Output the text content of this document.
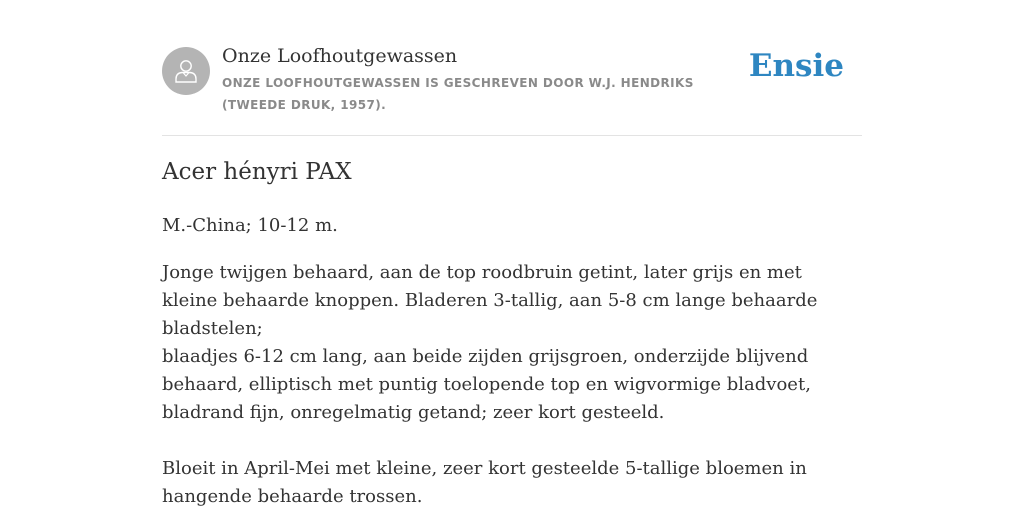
Onze Loofhoutgewassen
ONZE LOOFHOUTGEWASSEN IS GESCHREVEN DOOR W.J. HENDRIKS (TWEEDE DRUK, 1957).
Ensie
Acer hényri PAX
M.-China; 10-12 m.
Jonge twijgen behaard, aan de top roodbruin getint, later grijs en met kleine behaarde knoppen. Bladeren 3-tallig, aan 5-8 cm lange behaarde bladstelen;
blaadjes 6-12 cm lang, aan beide zijden grijsgroen, onderzijde blijvend behaard, elliptisch met puntig toelopende top en wigvormige bladvoet, bladrand fijn, onregelmatig getand; zeer kort gesteeld.
Bloeit in April-Mei met kleine, zeer kort gesteelde 5-tallige bloemen in hangende behaarde trossen.
